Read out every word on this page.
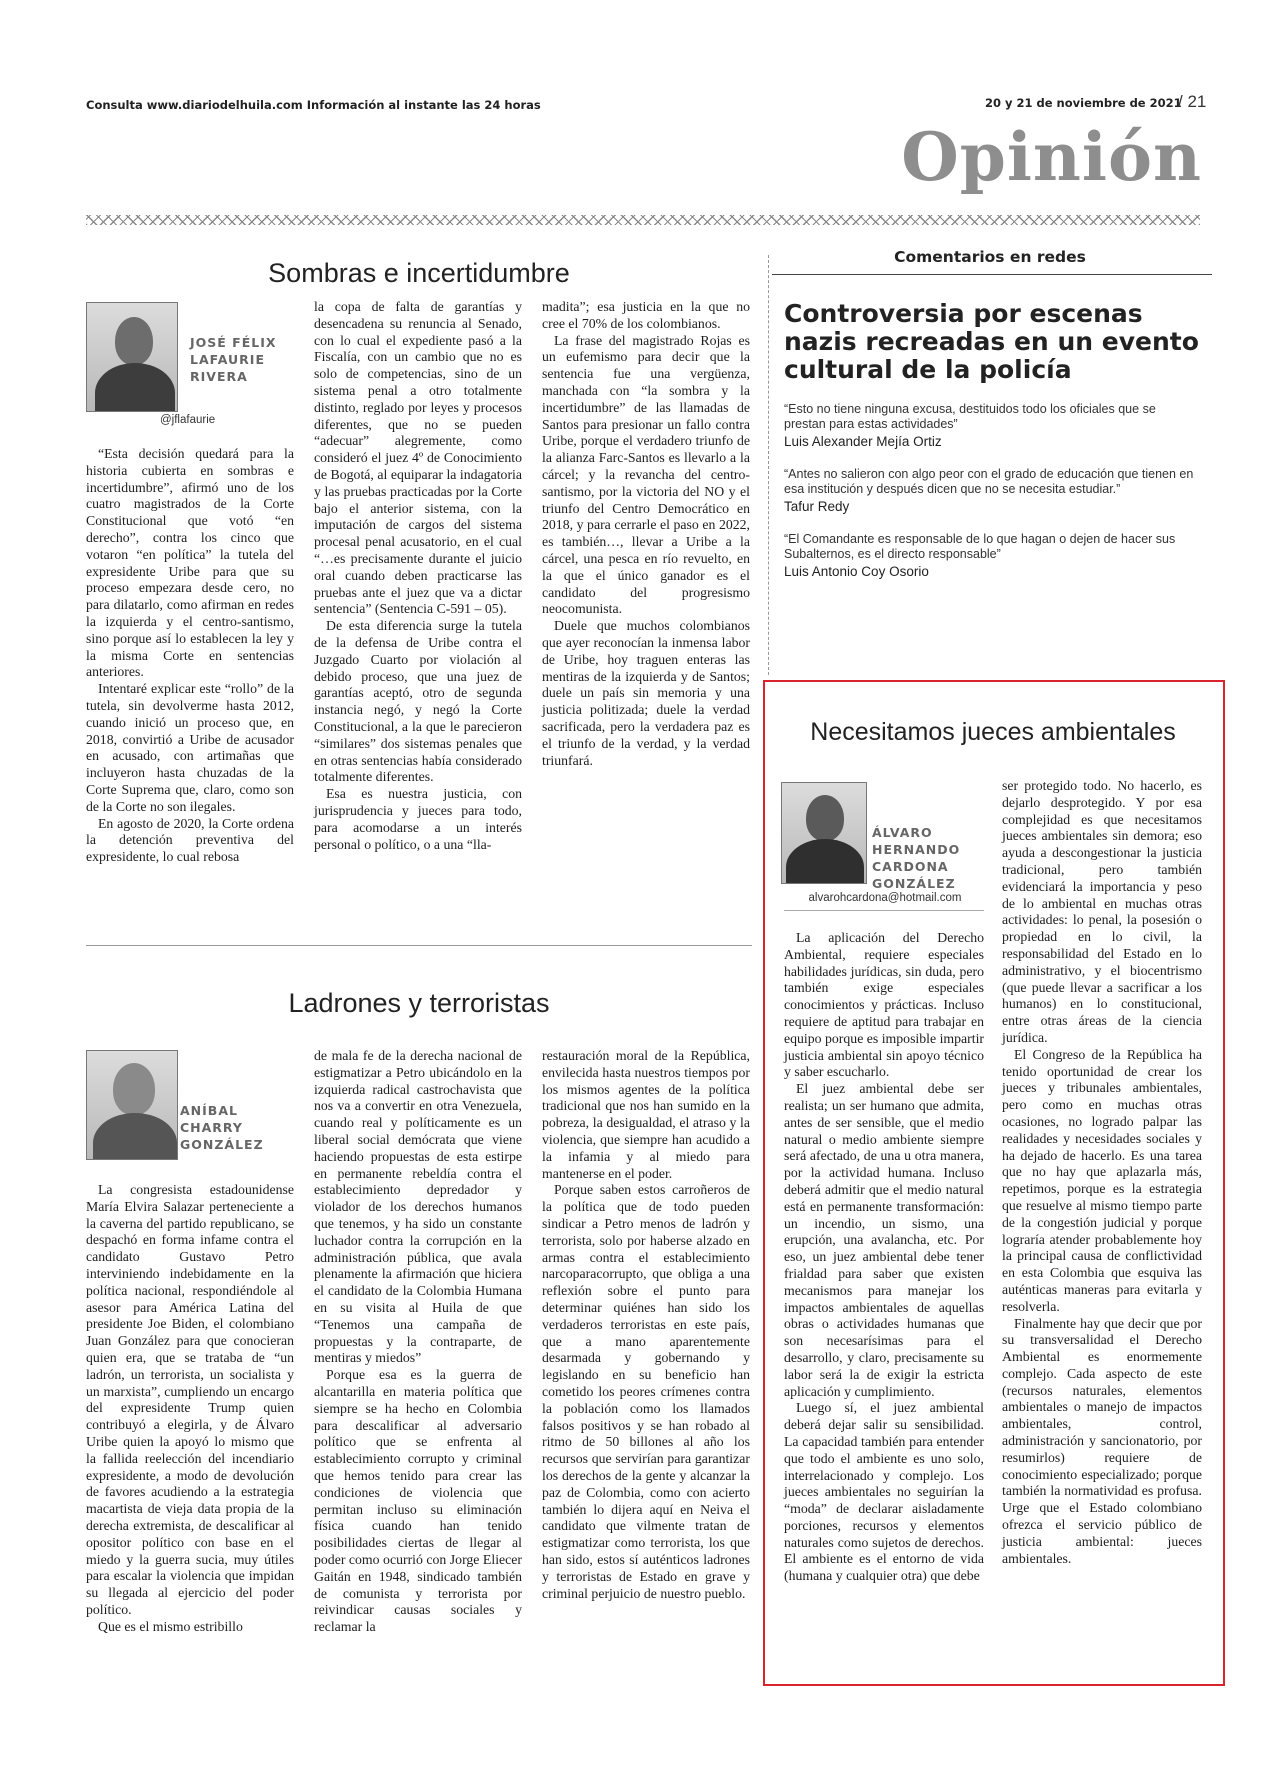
Consulta www.diariodelhuila.com Información al instante las 24 horas	20 y 21 de noviembre de 2021
/ 21
Opinión
Sombras e incertidumbre
JOSÉ FÉLIX
LAFAURIE
RIVERA
@jflafaurie

“Esta decisión quedará para la historia cubierta en sombras e incertidumbre”, afirmó uno de los cuatro magistrados de la Corte Constitucional que votó “en derecho”, contra los cinco que votaron “en política” la tutela del expresidente Uribe para que su proceso empezara desde cero, no para dilatarlo, como afirman en redes la izquierda y el centro-santismo, sino porque así lo establecen la ley y la misma Corte en sentencias anteriores.

Intentaré explicar este “rollo” de la tutela, sin devolverme hasta 2012, cuando inició un proceso que, en 2018, convirtió a Uribe de acusador en acusado, con artimañas que incluyeron hasta chuzadas de la Corte Suprema que, claro, como son de la Corte no son ilegales.

En agosto de 2020, la Corte ordena la detención preventiva del expresidente, lo cual rebosa

la copa de falta de garantías y desencadena su renuncia al Senado, con lo cual el expediente pasó a la Fiscalía, con un cambio que no es solo de competencias, sino de un sistema penal a otro totalmente distinto, reglado por leyes y procesos diferentes, que no se pueden “adecuar” alegremente, como consideró el juez 4º de Conocimiento de Bogotá, al equiparar la indagatoria y las pruebas practicadas por la Corte bajo el anterior sistema, con la imputación de cargos del sistema procesal penal acusatorio, en el cual “…es precisamente durante el juicio oral cuando deben practicarse las pruebas ante el juez que va a dictar sentencia” (Sentencia C-591 – 05).

De esta diferencia surge la tutela de la defensa de Uribe contra el Juzgado Cuarto por violación al debido proceso, que una juez de garantías aceptó, otro de segunda instancia negó, y negó la Corte Constitucional, a la que le parecieron “similares” dos sistemas penales que en otras sentencias había considerado totalmente diferentes.

Esa es nuestra justicia, con jurisprudencia y jueces para todo, para acomodarse a un interés personal o político, o a una “lla-

madita”; esa justicia en la que no cree el 70% de los colombianos.

La frase del magistrado Rojas es un eufemismo para decir que la sentencia fue una vergüenza, manchada con “la sombra y la incertidumbre” de las llamadas de Santos para presionar un fallo contra Uribe, porque el verdadero triunfo de la alianza Farc-Santos es llevarlo a la cárcel; y la revancha del centro-santismo, por la victoria del NO y el triunfo del Centro Democrático en 2018, y para cerrarle el paso en 2022, es también…, llevar a Uribe a la cárcel, una pesca en río revuelto, en la que el único ganador es el candidato del progresismo neocomunista.

Duele que muchos colombianos que ayer reconocían la inmensa labor de Uribe, hoy traguen enteras las mentiras de la izquierda y de Santos; duele un país sin memoria y una justicia politizada; duele la verdad sacrificada, pero la verdadera paz es el triunfo de la verdad, y la verdad triunfará.

Comentarios en redes
Controversia por escenas nazis recreadas en un evento cultural de la policía
“Esto no tiene ninguna excusa, destituidos todo los oficiales que se prestan para estas actividades”
Luis Alexander Mejía Ortiz
“Antes no salieron con algo peor con el grado de educación que tienen en esa institución y después dicen que no se necesita estudiar.”
Tafur Redy
“El Comandante es responsable de lo que hagan o dejen de hacer sus Subalternos, es el directo responsable”
Luis Antonio Coy Osorio
Ladrones y terroristas
ANÍBAL
CHARRY
GONZÁLEZ

La congresista estadounidense María Elvira Salazar perteneciente a la caverna del partido republicano, se despachó en forma infame contra el candidato Gustavo Petro interviniendo indebidamente en la política nacional, respondiéndole al asesor para América Latina del presidente Joe Biden, el colombiano Juan González para que conocieran quien era, que se trataba de “un ladrón, un terrorista, un socialista y un marxista”, cumpliendo un encargo del expresidente Trump quien contribuyó a elegirla, y de Álvaro Uribe quien la apoyó lo mismo que la fallida reelección del incendiario expresidente, a modo de devolución de favores acudiendo a la estrategia macartista de vieja data propia de la derecha extremista, de descalificar al opositor político con base en el miedo y la guerra sucia, muy útiles para escalar la violencia que impidan su llegada al ejercicio del poder político.

Que es el mismo estribillo

de mala fe de la derecha nacional de estigmatizar a Petro ubicándolo en la izquierda radical castrochavista que nos va a convertir en otra Venezuela, cuando real y políticamente es un liberal social demócrata que viene haciendo propuestas de esta estirpe en permanente rebeldía contra el establecimiento depredador y violador de los derechos humanos que tenemos, y ha sido un constante luchador contra la corrupción en la administración pública, que avala plenamente la afirmación que hiciera el candidato de la Colombia Humana en su visita al Huila de que “Tenemos una campaña de propuestas y la contraparte, de mentiras y miedos”

Porque esa es la guerra de alcantarilla en materia política que siempre se ha hecho en Colombia para descalificar al adversario político que se enfrenta al establecimiento corrupto y criminal que hemos tenido para crear las condiciones de violencia que permitan incluso su eliminación física cuando han tenido posibilidades ciertas de llegar al poder como ocurrió con Jorge Eliecer Gaitán en 1948, sindicado también de comunista y terrorista por reivindicar causas sociales y reclamar la

restauración moral de la República, envilecida hasta nuestros tiempos por los mismos agentes de la política tradicional que nos han sumido en la pobreza, la desigualdad, el atraso y la violencia, que siempre han acudido a la infamia y al miedo para mantenerse en el poder.

Porque saben estos carroñeros de la política que de todo pueden sindicar a Petro menos de ladrón y terrorista, solo por haberse alzado en armas contra el establecimiento narcoparacorrupto, que obliga a una reflexión sobre el punto para determinar quiénes han sido los verdaderos terroristas en este país, que a mano aparentemente desarmada y gobernando y legislando en su beneficio han cometido los peores crímenes contra la población como los llamados falsos positivos y se han robado al ritmo de 50 billones al año los recursos que servirían para garantizar los derechos de la gente y alcanzar la paz de Colombia, como con acierto también lo dijera aquí en Neiva el candidato que vilmente tratan de estigmatizar como terrorista, los que han sido, estos sí auténticos ladrones y terroristas de Estado en grave y criminal perjuicio de nuestro pueblo.

Necesitamos jueces ambientales
ÁLVARO
HERNANDO
CARDONA
GONZÁLEZ
alvarohcardona@hotmail.com

La aplicación del Derecho Ambiental, requiere especiales habilidades jurídicas, sin duda, pero también exige especiales conocimientos y prácticas. Incluso requiere de aptitud para trabajar en equipo porque es imposible impartir justicia ambiental sin apoyo técnico y saber escucharlo.

El juez ambiental debe ser realista; un ser humano que admita, antes de ser sensible, que el medio natural o medio ambiente siempre será afectado, de una u otra manera, por la actividad humana. Incluso deberá admitir que el medio natural está en permanente transformación: un incendio, un sismo, una erupción, una avalancha, etc. Por eso, un juez ambiental debe tener frialdad para saber que existen mecanismos para manejar los impactos ambientales de aquellas obras o actividades humanas que son necesarísimas para el desarrollo, y claro, precisamente su labor será la de exigir la estricta aplicación y cumplimiento.

Luego sí, el juez ambiental deberá dejar salir su sensibilidad. La capacidad también para entender que todo el ambiente es uno solo, interrelacionado y complejo. Los jueces ambientales no seguirían la “moda” de declarar aisladamente porciones, recursos y elementos naturales como sujetos de derechos. El ambiente es el entorno de vida (humana y cualquier otra) que debe

ser protegido todo. No hacerlo, es dejarlo desprotegido. Y por esa complejidad es que necesitamos jueces ambientales sin demora; eso ayuda a descongestionar la justicia tradicional, pero también evidenciará la importancia y peso de lo ambiental en muchas otras actividades: lo penal, la posesión o propiedad en lo civil, la responsabilidad del Estado en lo administrativo, y el biocentrismo (que puede llevar a sacrificar a los humanos) en lo constitucional, entre otras áreas de la ciencia jurídica.

El Congreso de la República ha tenido oportunidad de crear los jueces y tribunales ambientales, pero como en muchas otras ocasiones, no logrado palpar las realidades y necesidades sociales y ha dejado de hacerlo. Es una tarea que no hay que aplazarla más, repetimos, porque es la estrategia que resuelve al mismo tiempo parte de la congestión judicial y porque lograría atender probablemente hoy la principal causa de conflictividad en esta Colombia que esquiva las auténticas maneras para evitarla y resolverla.

Finalmente hay que decir que por su transversalidad el Derecho Ambiental es enormemente complejo. Cada aspecto de este (recursos naturales, elementos ambientales o manejo de impactos ambientales, control, administración y sancionatorio, por resumirlos) requiere de conocimiento especializado; porque también la normatividad es profusa. Urge que el Estado colombiano ofrezca el servicio público de justicia ambiental: jueces ambientales.
